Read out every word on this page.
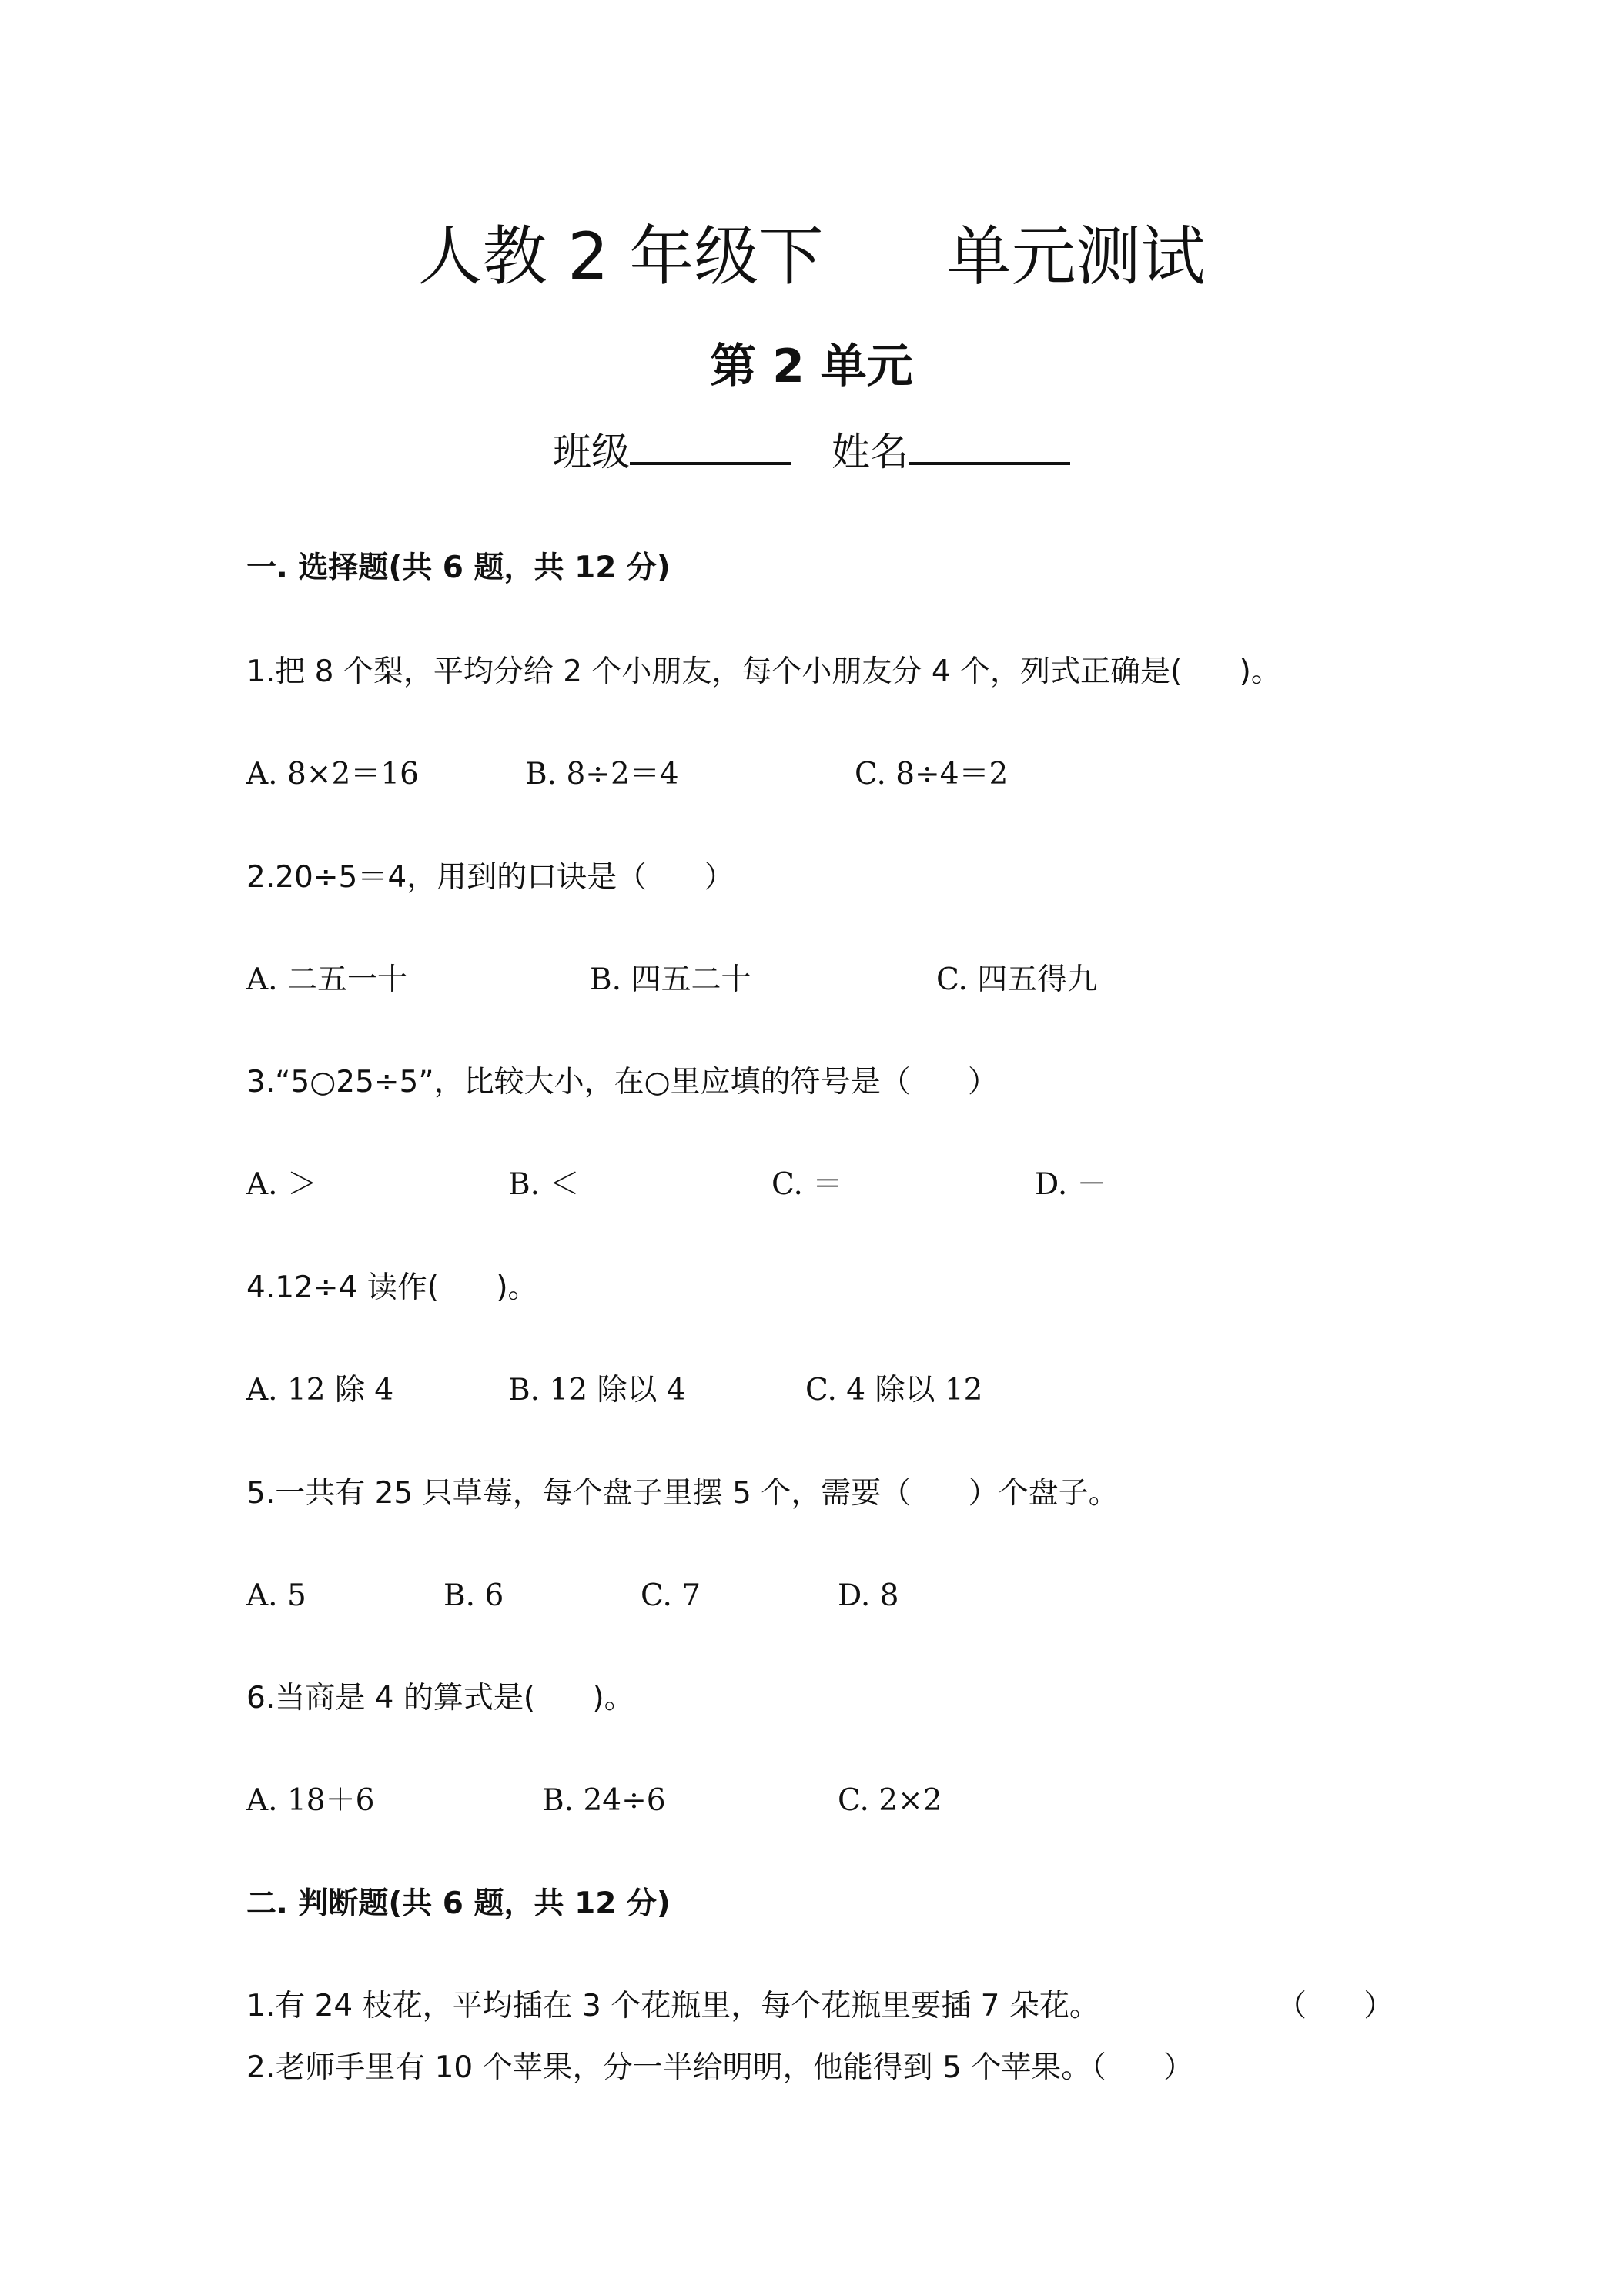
人教 2 年级下      单元测试
第 2 单元
班级	姓名
一. 选择题(共 6 题，共 12 分)
1.把 8 个梨，平均分给 2 个小朋友，每个小朋友分 4 个，列式正确是(      )。
A. 8×2＝16	B. 8÷2＝4	C. 8÷4＝2
2.20÷5＝4，用到的口诀是（      ）
A. 二五一十	B. 四五二十	C. 四五得九
3.“5○25÷5”，比较大小，在○里应填的符号是（      ）
A. ＞	B. ＜	C. ＝	D. －
4.12÷4 读作(      )。
A. 12 除 4	B. 12 除以 4	C. 4 除以 12
5.一共有 25 只草莓，每个盘子里摆 5 个，需要（      ）个盘子。
A. 5	B. 6	C. 7	D. 8
6.当商是 4 的算式是(      )。
A. 18＋6	B. 24÷6	C. 2×2
二. 判断题(共 6 题，共 12 分)
1.有 24 枝花，平均插在 3 个花瓶里，每个花瓶里要插 7 朵花。	（      ）
2.老师手里有 10 个苹果，分一半给明明，他能得到 5 个苹果。（      ）
